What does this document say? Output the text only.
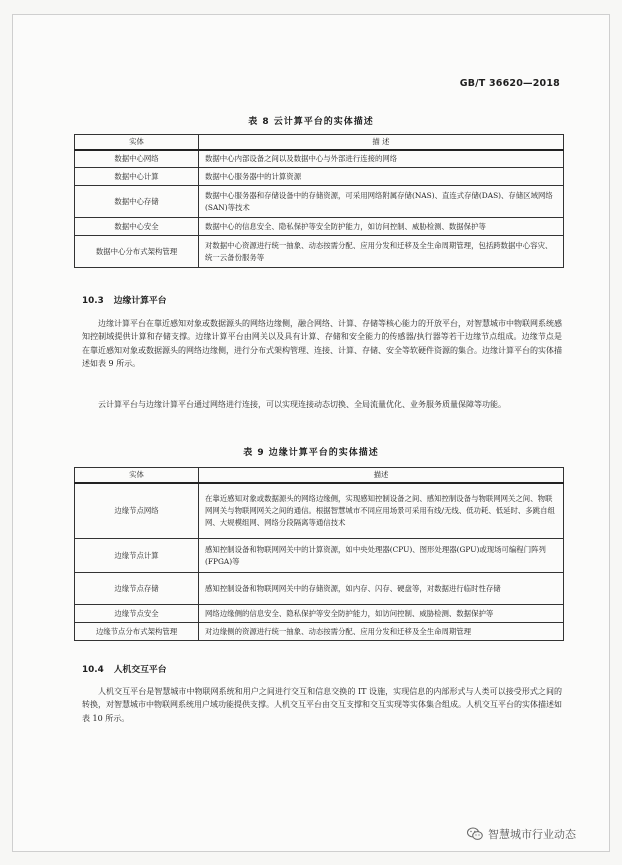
GB/T 36620—2018
表 8 云计算平台的实体描述
实体	描 述
数据中心网络	数据中心内部设备之间以及数据中心与外部进行连接的网络
数据中心计算	数据中心服务器中的计算资源
数据中心存储	数据中心服务器和存储设备中的存储资源，可采用网络附属存储(NAS)、直连式存储(DAS)、存储区域网络(SAN)等技术
数据中心安全	数据中心的信息安全、隐私保护等安全防护能力，如访问控制、威胁检测、数据保护等
数据中心分布式架构管理	对数据中心资源进行统一抽象、动态按需分配、应用分发和迁移及全生命周期管理，包括跨数据中心容灾、统一云备份服务等
10.3 边缘计算平台

边缘计算平台在靠近感知对象或数据源头的网络边缘侧，融合网络、计算、存储等核心能力的开放平台，对智慧城市中物联网系统感知控制域提供计算和存储支撑。边缘计算平台由网关以及具有计算、存储和安全能力的传感器/执行器等若干边缘节点组成。边缘节点是在靠近感知对象或数据源头的网络边缘侧，进行分布式架构管理、连接、计算、存储、安全等软硬件资源的集合。边缘计算平台的实体描述如表 9 所示。

云计算平台与边缘计算平台通过网络进行连接，可以实现连接动态切换、全局流量优化、业务服务质量保障等功能。

表 9 边缘计算平台的实体描述
实体	描述
边缘节点网络	在靠近感知对象或数据源头的网络边缘侧，实现感知控制设备之间、感知控制设备与物联网网关之间、物联网网关与物联网网关之间的通信。根据智慧城市不同应用场景可采用有线/无线、低功耗、低延时、多跳自组网、大规模组网、网络分段隔离等通信技术
边缘节点计算	感知控制设备和物联网网关中的计算资源，如中央处理器(CPU)、图形处理器(GPU)或现场可编程门阵列(FPGA)等
边缘节点存储	感知控制设备和物联网网关中的存储资源，如内存、闪存、硬盘等，对数据进行临时性存储
边缘节点安全	网络边缘侧的信息安全、隐私保护等安全防护能力，如访问控制、威胁检测、数据保护等
边缘节点分布式架构管理	对边缘侧的资源进行统一抽象、动态按需分配、应用分发和迁移及全生命周期管理
10.4 人机交互平台

人机交互平台是智慧城市中物联网系统和用户之间进行交互和信息交换的 IT 设施，实现信息的内部形式与人类可以接受形式之间的转换，对智慧城市中物联网系统用户域功能提供支撑。人机交互平台由交互支撑和交互实现等实体集合组成。人机交互平台的实体描述如表 10 所示。

智慧城市行业动态
